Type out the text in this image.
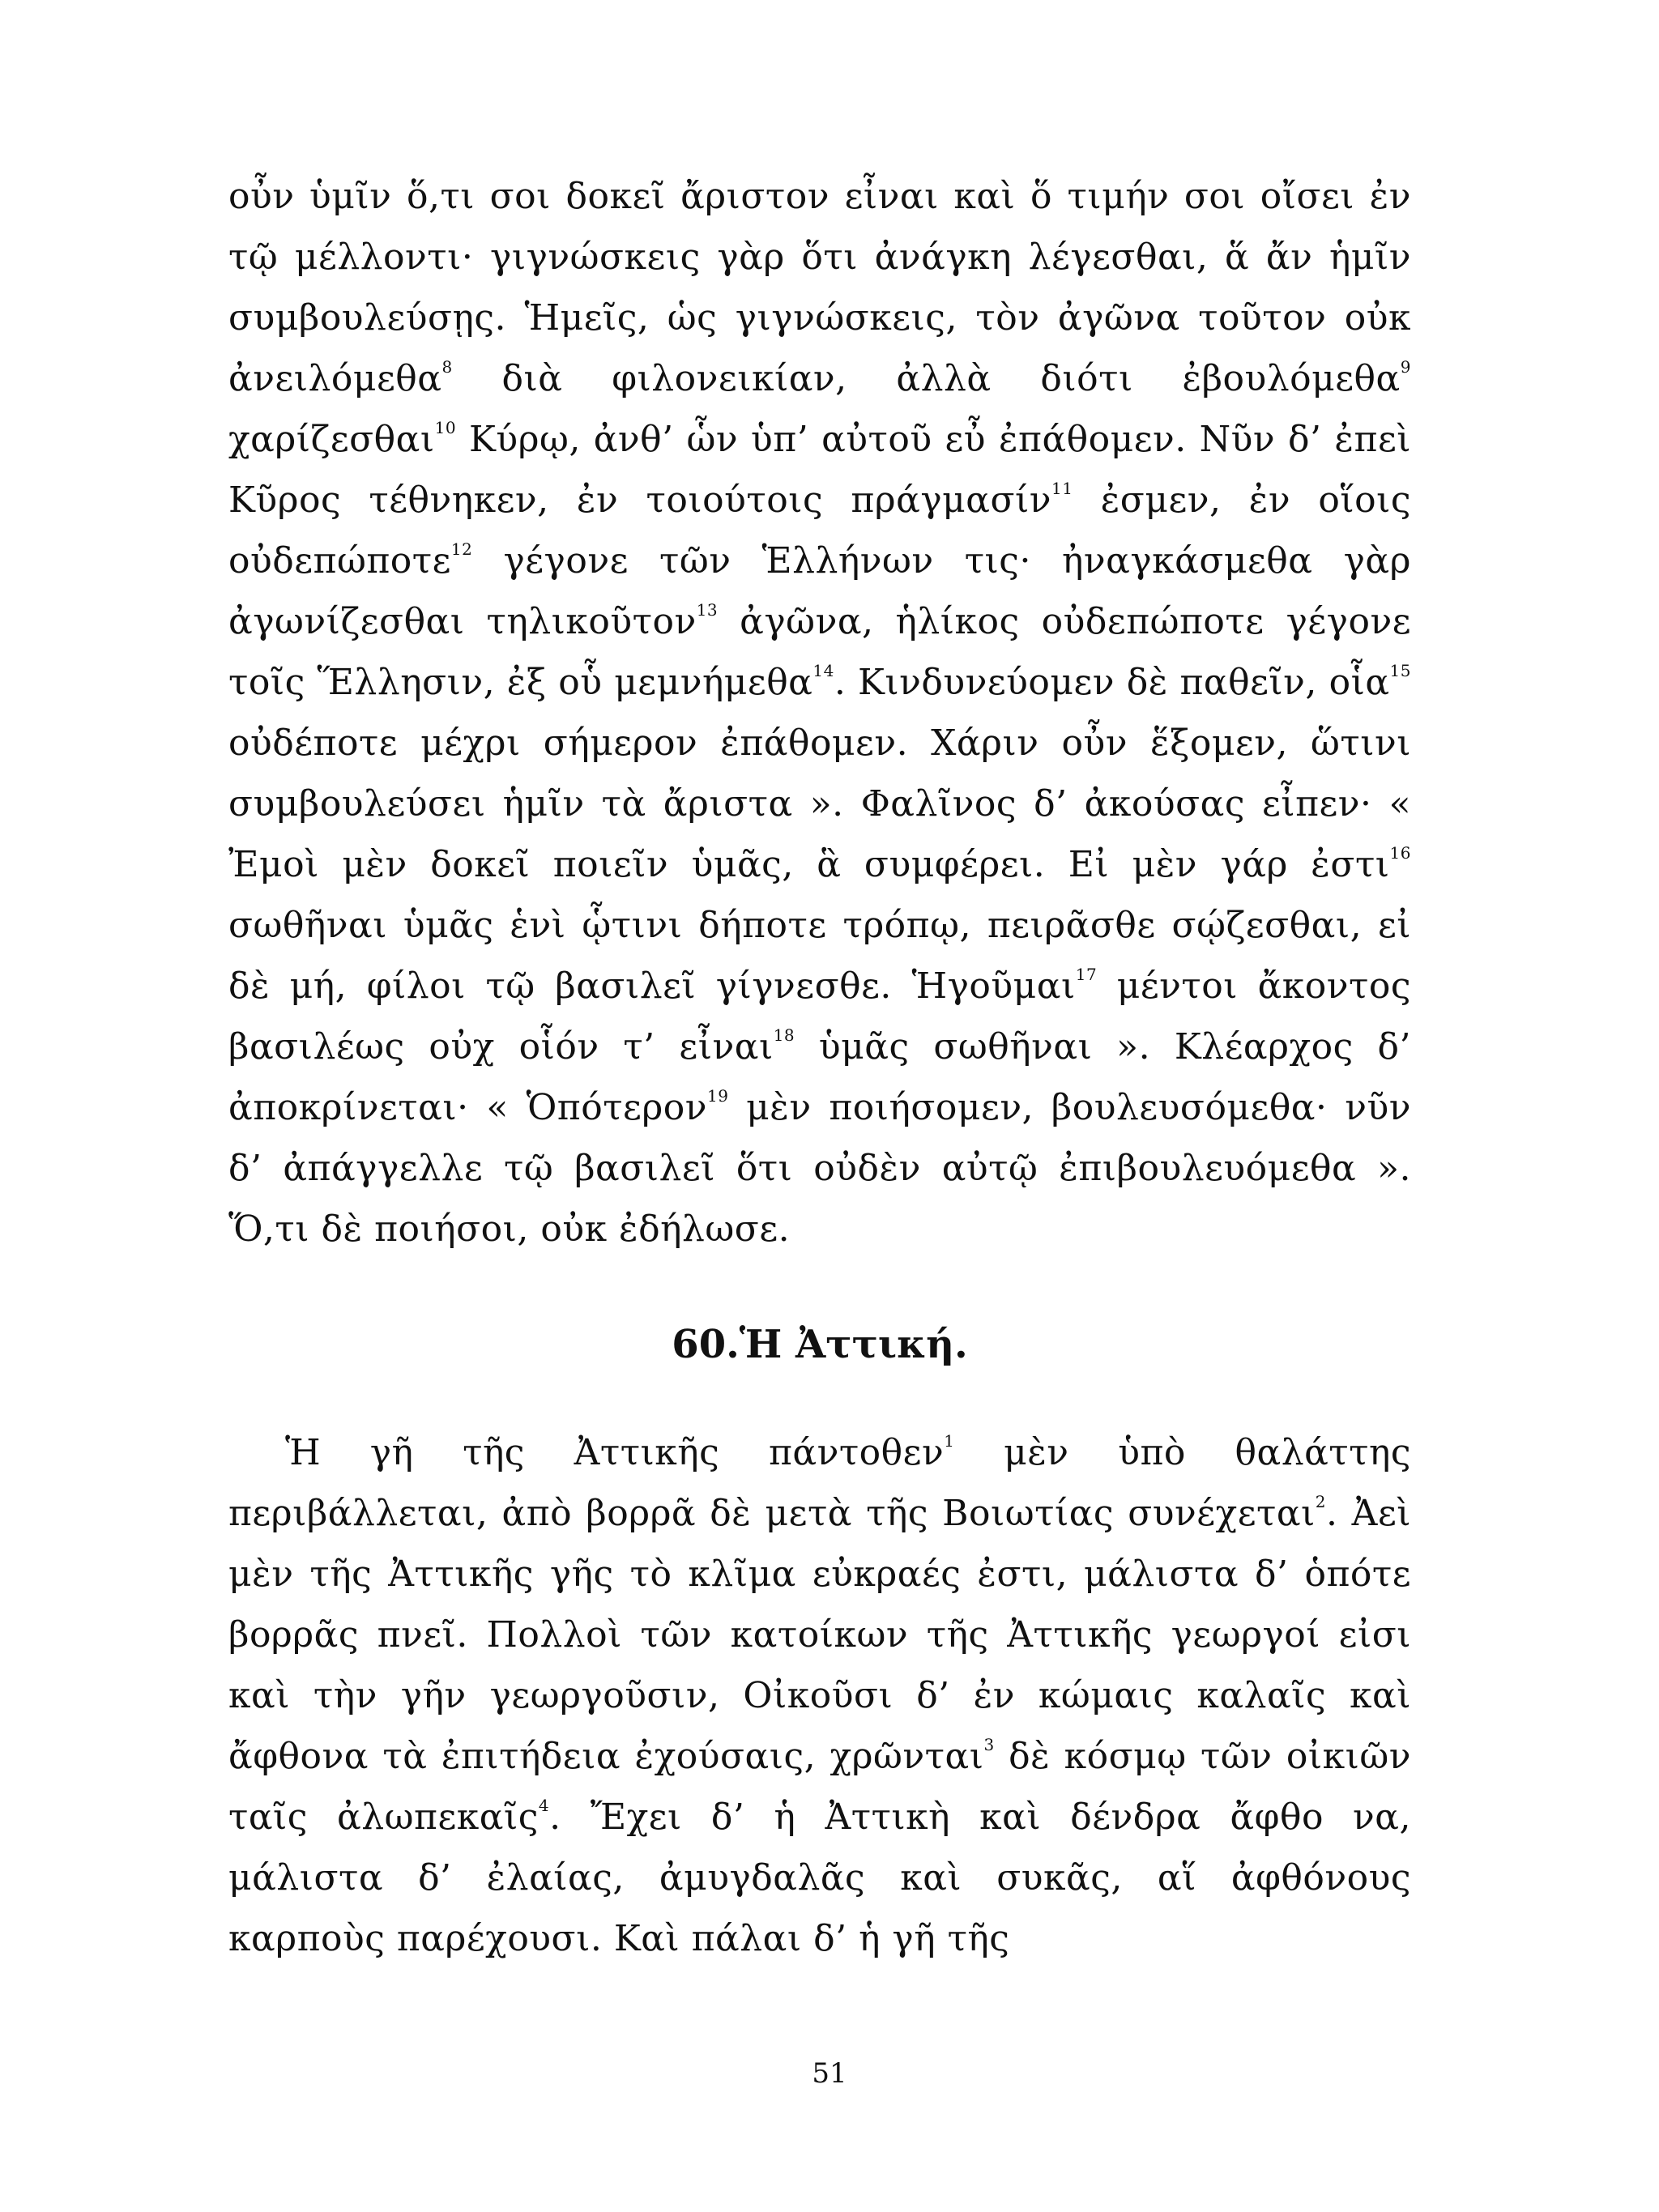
οὖν ὑμῖν ὅ,τι σοι δοκεῖ ἄριστον εἶναι καὶ ὅ τιμήν σοι οἴσει ἐν τῷ μέλλοντι· γιγνώσκεις γὰρ ὅτι ἀνάγκη λέγεσθαι, ἅ ἄν ἡμῖν συμβουλεύσῃς. Ἡμεῖς, ὡς γιγνώσκεις, τὸν ἀγῶνα τοῦτον οὐκ ἀνειλόμεθα$^8$ διὰ φιλονεικίαν, ἀλλὰ διότι ἐβουλόμεθα$^9$ χαρίζεσθαι$^{10}$ Κύρῳ, ἀνθ’ ὧν ὑπ’ αὐτοῦ εὖ ἐπάθομεν. Νῦν δ’ ἐπεὶ Κῦρος τέθνηκεν, ἐν τοιούτοις πράγμασίν$^{11}$ ἐσμεν, ἐν οἵοις οὐδεπώποτε$^{12}$ γέγονε τῶν Ἑλλήνων τις· ἠναγκάσμεθα γὰρ ἀγωνίζεσθαι τηλικοῦτον$^{13}$ ἀγῶνα, ἡλίκος οὐδεπώποτε γέγονε τοῖς Ἕλλησιν, ἐξ οὗ μεμνήμεθα$^{14}$. Κινδυνεύομεν δὲ παθεῖν, οἷα$^{15}$ οὐδέποτε μέχρι σήμερον ἐπάθομεν. Χάριν οὖν ἕξομεν, ὥτινι συμβουλεύσει ἡμῖν τὰ ἄριστα ». Φαλῖνος δ’ ἀκούσας εἶπεν· « Ἐμοὶ μὲν δοκεῖ ποιεῖν ὑμᾶς, ἃ συμφέρει. Εἰ μὲν γάρ ἐστι$^{16}$ σωθῆναι ὑμᾶς ἑνὶ ᾧτινι δήποτε τρόπῳ, πειρᾶσθε σῴζεσθαι, εἰ δὲ μή, φίλοι τῷ βασιλεῖ γίγνεσθε. Ἡγοῦμαι$^{17}$ μέντοι ἄκοντος βασιλέως οὐχ οἷόν τ’ εἶναι$^{18}$ ὑμᾶς σωθῆναι ». Κλέαρχος δ’ ἀποκρίνεται· « Ὁπότερον$^{19}$ μὲν ποιήσομεν, βουλευσόμεθα· νῦν δ’ ἀπάγγελλε τῷ βασιλεῖ ὅτι οὐδὲν αὐτῷ ἐπιβουλευόμεθα ». Ὅ,τι δὲ ποιήσοι, οὐκ ἐδήλωσε.

60.Ἡ Ἀττική.

Ἡ γῆ τῆς Ἀττικῆς πάντοθεν$^1$ μὲν ὑπὸ θαλάττης περιβάλλεται, ἀπὸ βορρᾶ δὲ μετὰ τῆς Βοιωτίας συνέχεται$^2$. Ἀεὶ μὲν τῆς Ἀττικῆς γῆς τὸ κλῖμα εὐκραές ἐστι, μάλιστα δ’ ὁπότε βορρᾶς πνεῖ. Πολλοὶ τῶν κατοίκων τῆς Ἀττικῆς γεωργοί εἰσι καὶ τὴν γῆν γεωργοῦσιν, Οἰκοῦσι δ’ ἐν κώμαις καλαῖς καὶ ἄφθονα τὰ ἐπιτήδεια ἐχούσαις, χρῶνται$^3$ δὲ κόσμῳ τῶν οἰκιῶν ταῖς ἀλωπεκαῖς$^4$. Ἔχει δ’ ἡ Ἀττικὴ καὶ δένδρα ἄφθο να, μάλιστα δ’ ἐλαίας, ἀμυγδαλᾶς καὶ συκᾶς, αἵ ἀφθόνους καρποὺς παρέχουσι. Καὶ πάλαι δ’ ἡ γῆ τῆς

51
